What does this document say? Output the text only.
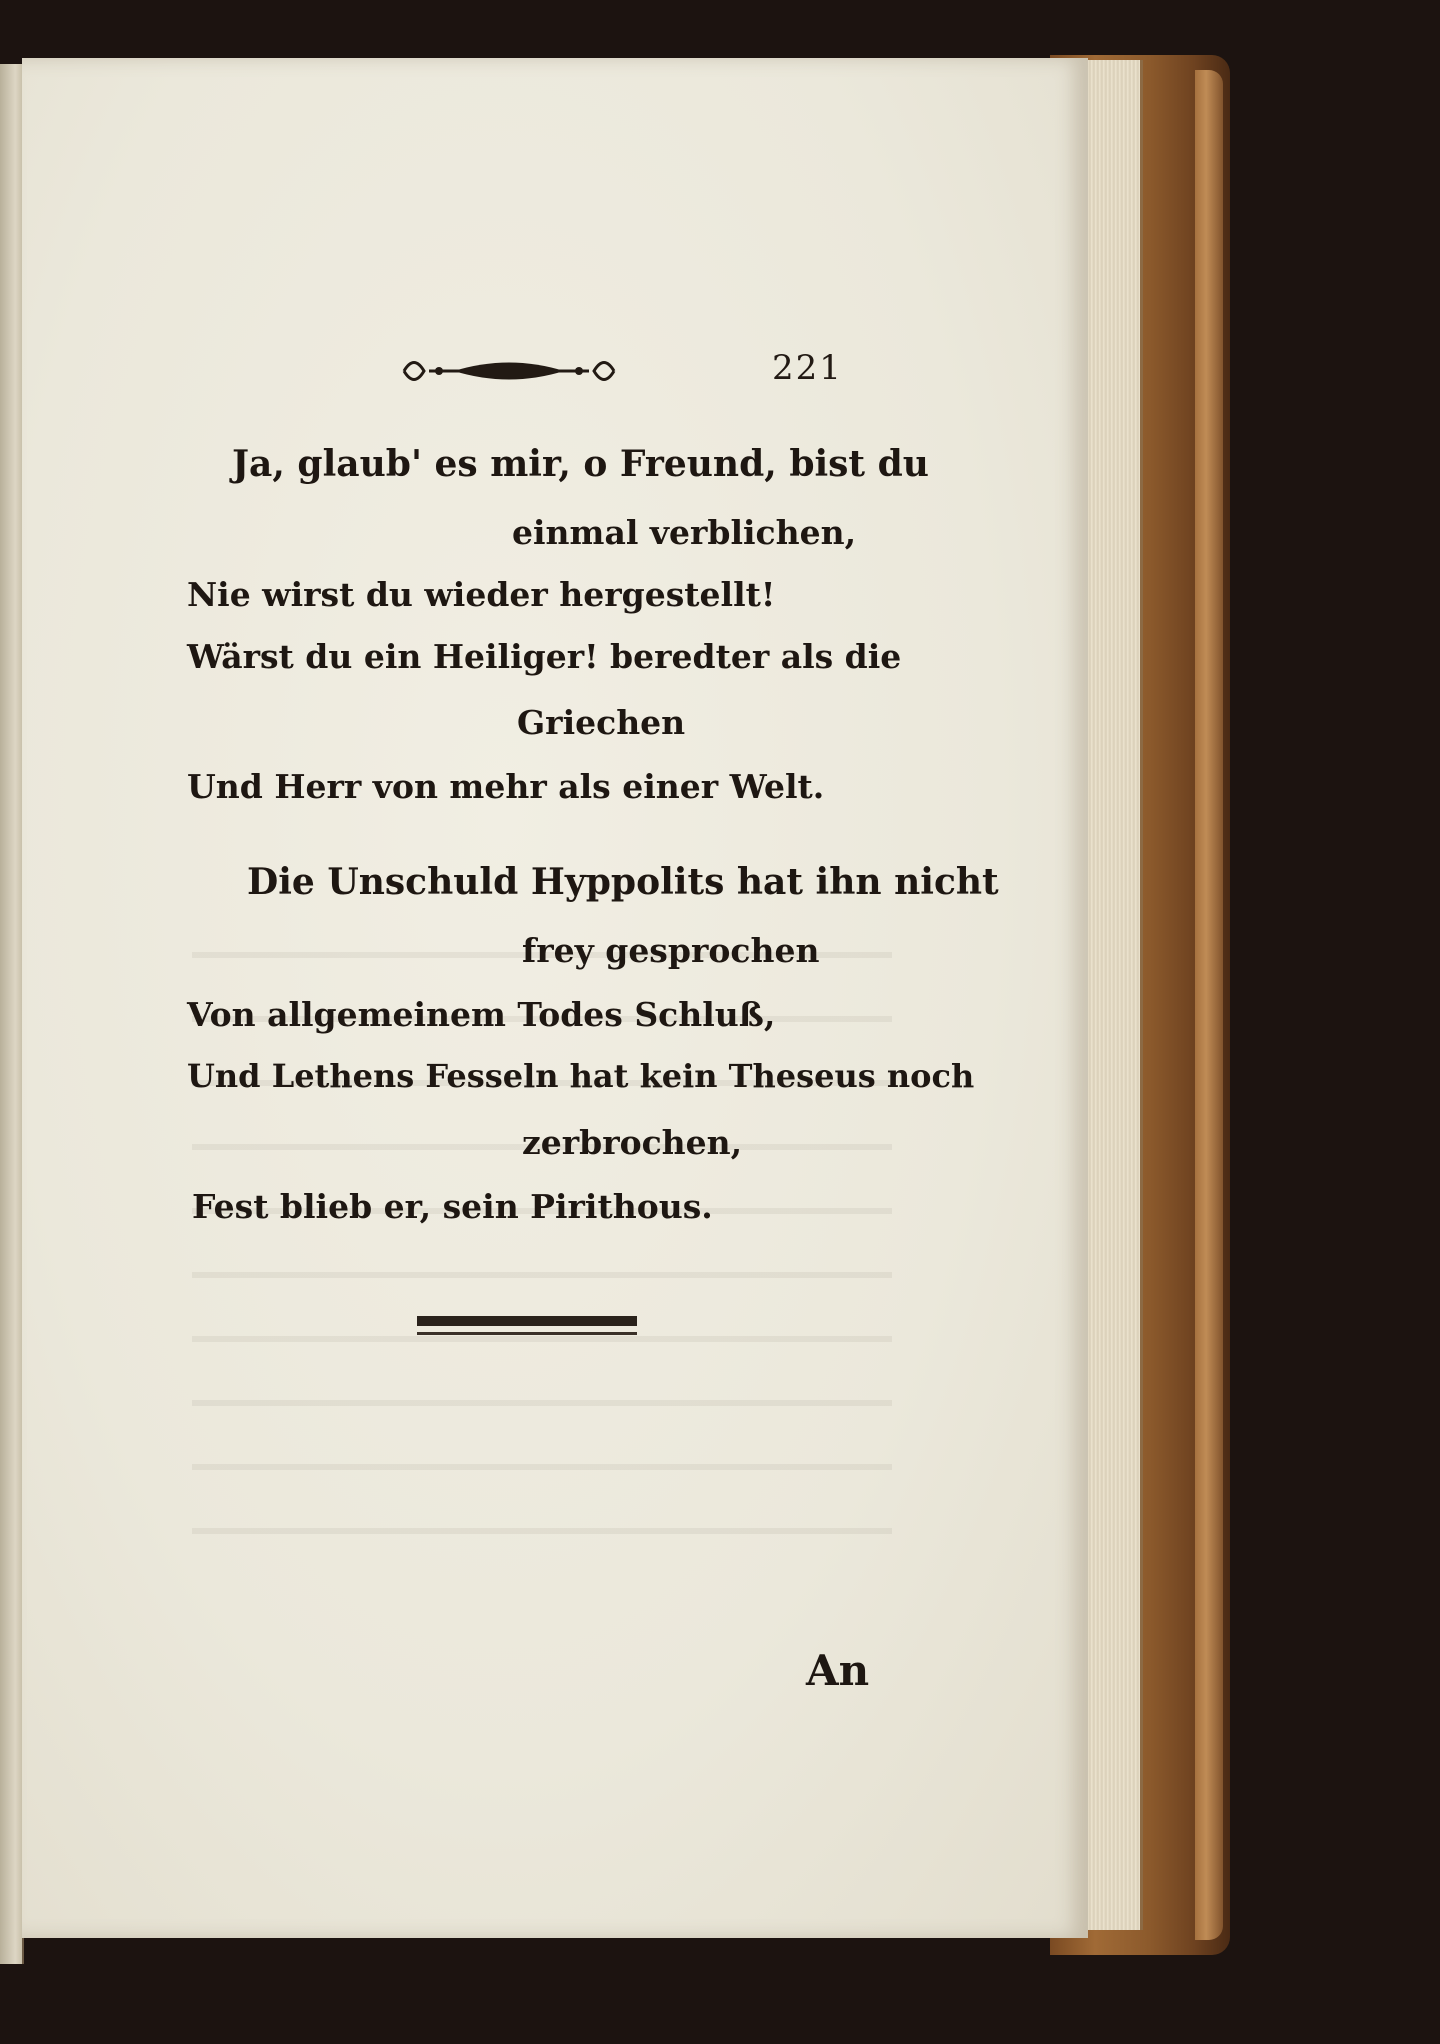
221
Ja, glaub' es mir, o Freund, bist du
einmal verblichen,
Nie wirst du wieder hergestellt!
Wärst du ein Heiliger! beredter als die
Griechen
Und Herr von mehr als einer Welt.
Die Unschuld Hyppolits hat ihn nicht
frey gesprochen
Von allgemeinem Todes Schluß,
Und Lethens Fesseln hat kein Theseus noch
zerbrochen,
Fest blieb er, sein Pirithous.
An
